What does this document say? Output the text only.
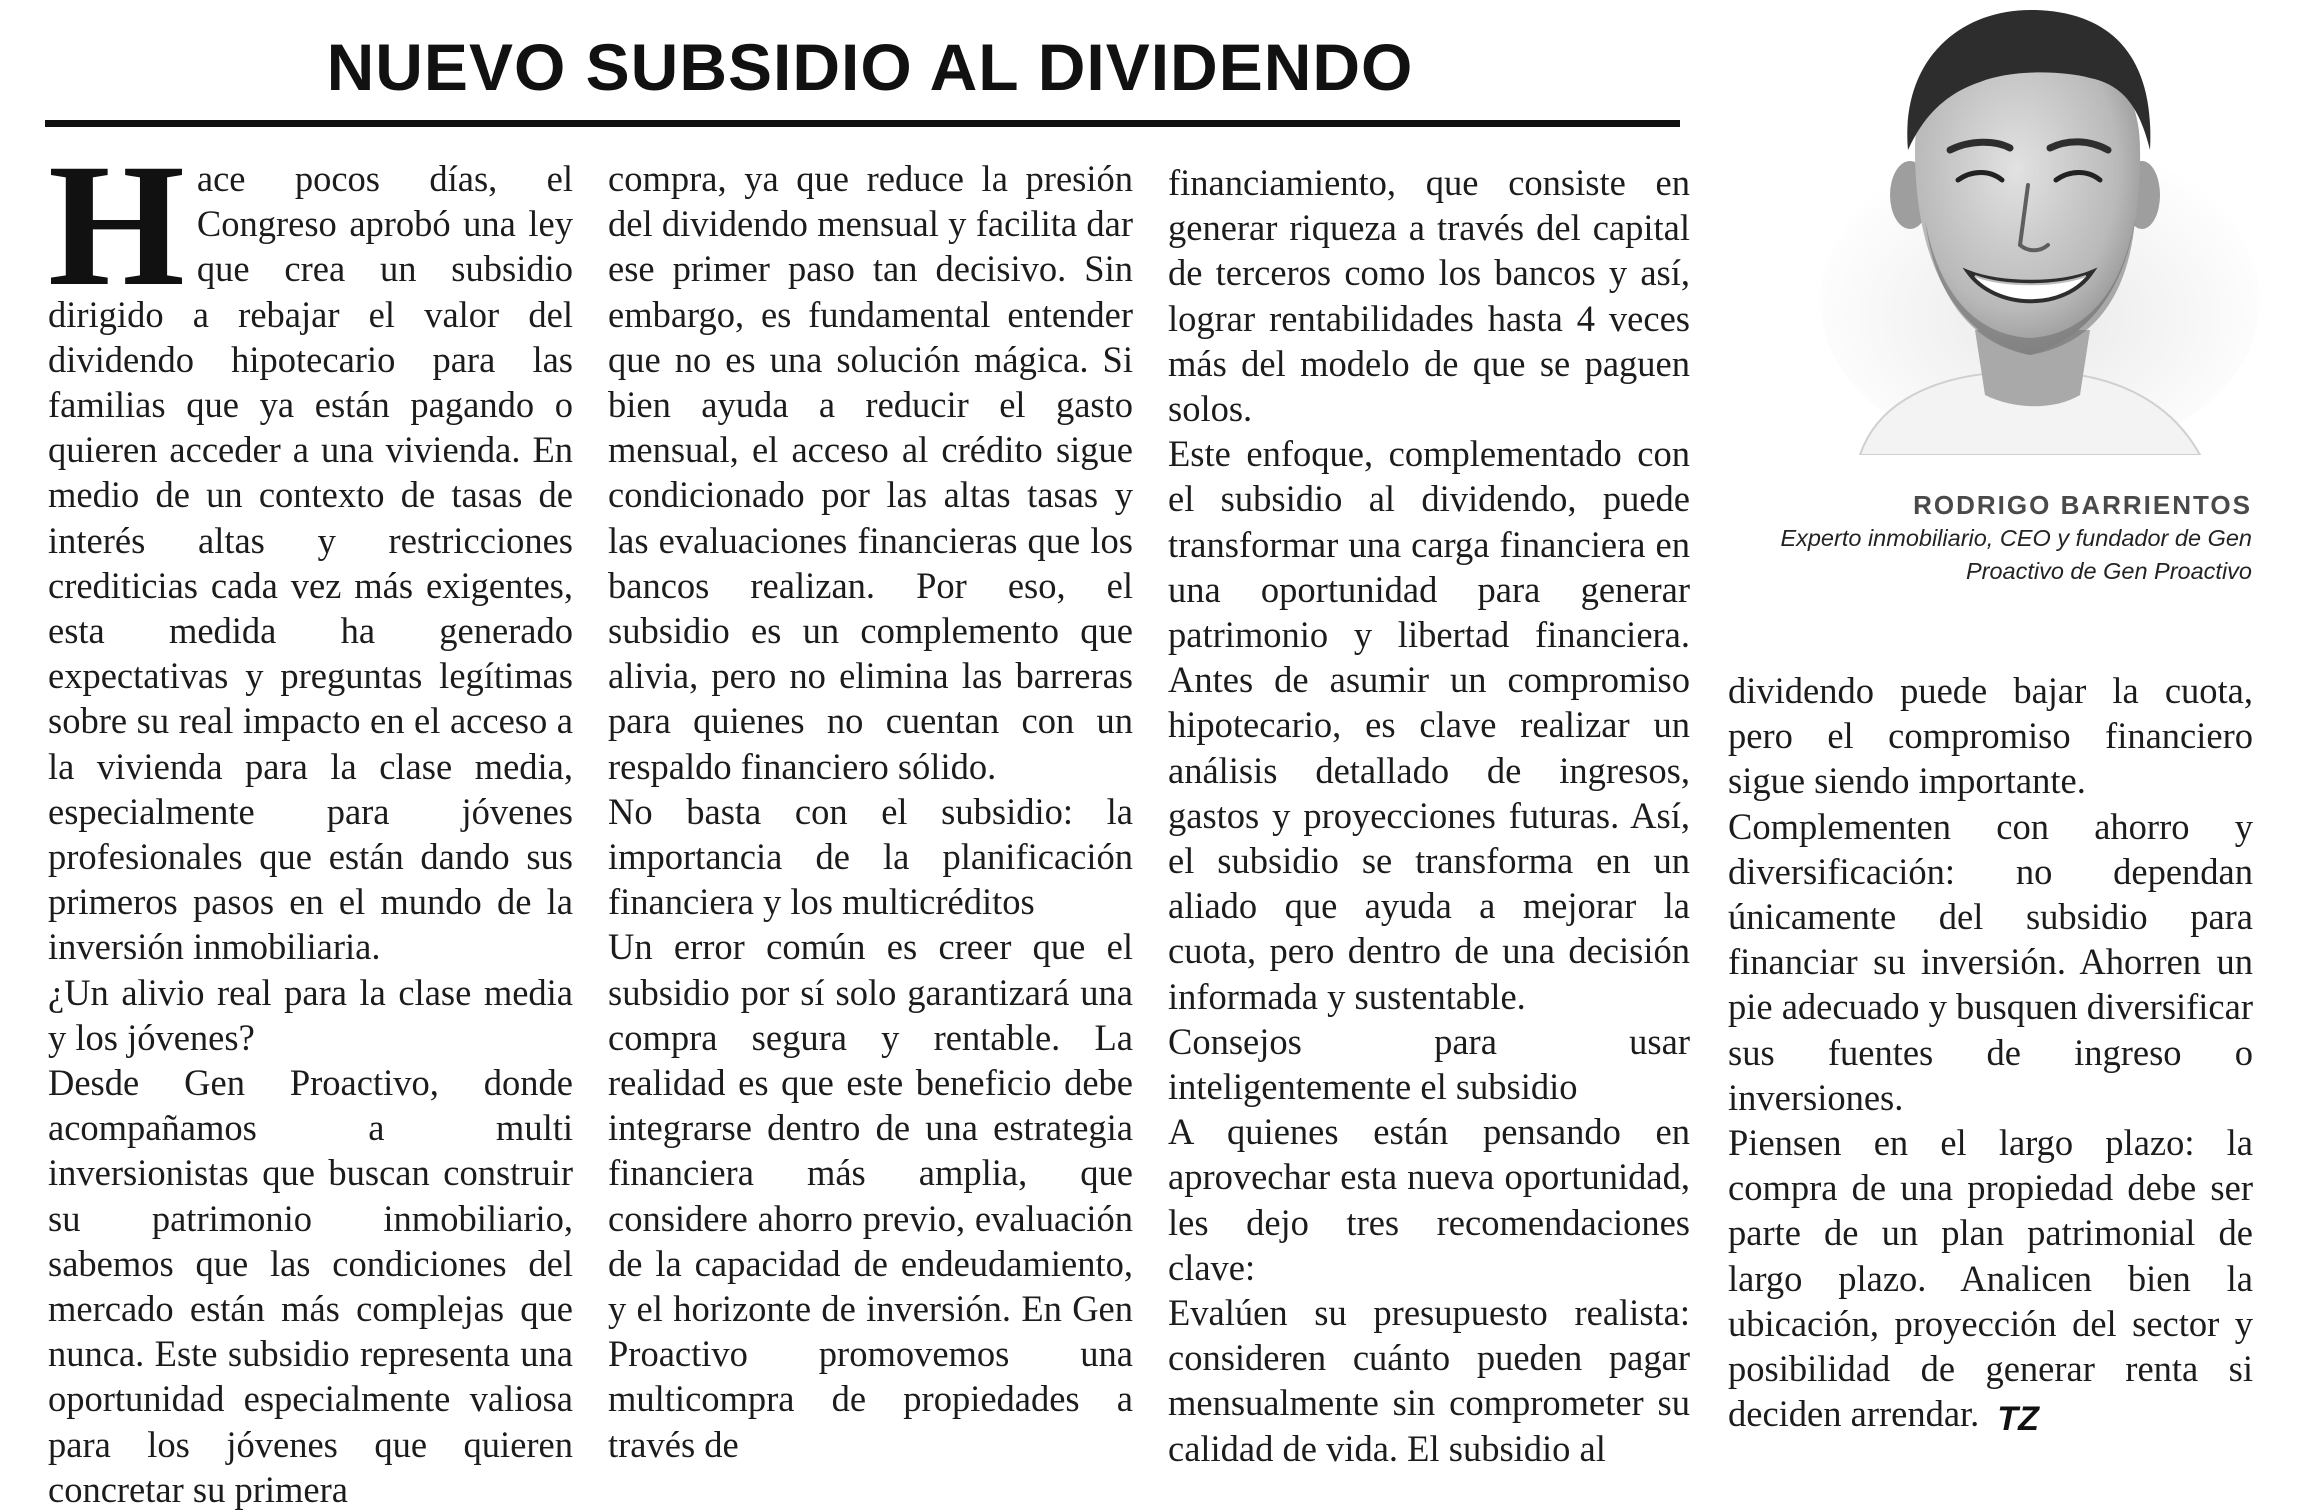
NUEVO SUBSIDIO AL DIVIDENDO

Hace pocos días, el Congreso aprobó una ley que crea un subsidio dirigido a rebajar el valor del dividendo hipotecario para las familias que ya están pagando o quieren acceder a una vivienda. En medio de un contexto de tasas de interés altas y restricciones crediticias cada vez más exigentes, esta medida ha generado expectativas y preguntas legítimas sobre su real impacto en el acceso a la vivienda para la clase media, especialmente para jóvenes profesionales que están dando sus primeros pasos en el mundo de la inversión inmobiliaria.

¿Un alivio real para la clase media y los jóvenes?

Desde Gen Proactivo, donde acompañamos a multi inversionistas que buscan construir su patrimonio inmobiliario, sabemos que las condiciones del mercado están más complejas que nunca. Este subsidio representa una oportunidad especialmente valiosa para los jóvenes que quieren concretar su primera

compra, ya que reduce la presión del dividendo mensual y facilita dar ese primer paso tan decisivo. Sin embargo, es fundamental entender que no es una solución mágica. Si bien ayuda a reducir el gasto mensual, el acceso al crédito sigue condicionado por las altas tasas y las evaluaciones financieras que los bancos realizan. Por eso, el subsidio es un complemento que alivia, pero no elimina las barreras para quienes no cuentan con un respaldo financiero sólido.

No basta con el subsidio: la importancia de la planificación financiera y los multicréditos

Un error común es creer que el subsidio por sí solo garantizará una compra segura y rentable. La realidad es que este beneficio debe integrarse dentro de una estrategia financiera más amplia, que considere ahorro previo, evaluación de la capacidad de endeudamiento, y el horizonte de inversión. En Gen Proactivo promovemos una multicompra de propiedades a través de

financiamiento, que consiste en generar riqueza a través del capital de terceros como los bancos y así, lograr rentabilidades hasta 4 veces más del modelo de que se paguen solos.

Este enfoque, complementado con el subsidio al dividendo, puede transformar una carga financiera en una oportunidad para generar patrimonio y libertad financiera. Antes de asumir un compromiso hipotecario, es clave realizar un análisis detallado de ingresos, gastos y proyecciones futuras. Así, el subsidio se transforma en un aliado que ayuda a mejorar la cuota, pero dentro de una decisión informada y sustentable.

Consejos para usar inteligentemente el subsidio

A quienes están pensando en aprovechar esta nueva oportunidad, les dejo tres recomendaciones clave:

Evalúen su presupuesto realista: consideren cuánto pueden pagar mensualmente sin comprometer su calidad de vida. El subsidio al

dividendo puede bajar la cuota, pero el compromiso financiero sigue siendo importante.

Complementen con ahorro y diversificación: no dependan únicamente del subsidio para financiar su inversión. Ahorren un pie adecuado y busquen diversificar sus fuentes de ingreso o inversiones.

Piensen en el largo plazo: la compra de una propiedad debe ser parte de un plan patrimonial de largo plazo. Analicen bien la ubicación, proyección del sector y posibilidad de generar renta si deciden arrendar. TZ

RODRIGO BARRIENTOS
Experto inmobiliario, CEO y fundador de Gen
Proactivo de Gen Proactivo
